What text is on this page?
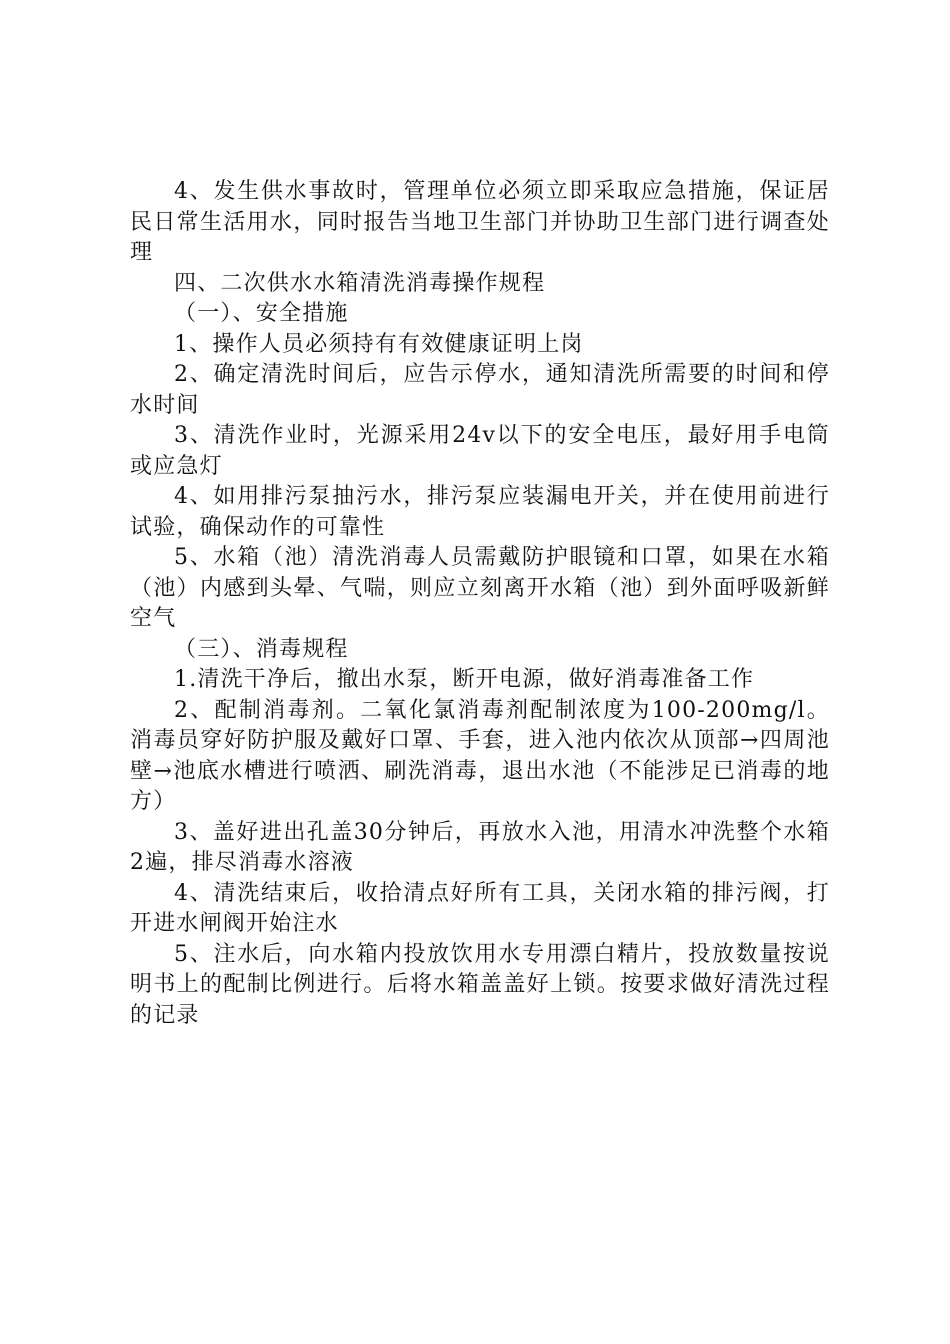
4、发生供水事故时，管理单位必须立即采取应急措施，保证居民日常生活用水，同时报告当地卫生部门并协助卫生部门进行调查处理

四、二次供水水箱清洗消毒操作规程

（一）、安全措施

1、操作人员必须持有有效健康证明上岗

2、确定清洗时间后，应告示停水，通知清洗所需要的时间和停水时间

3、清洗作业时，光源采用24v以下的安全电压，最好用手电筒或应急灯

4、如用排污泵抽污水，排污泵应装漏电开关，并在使用前进行试验，确保动作的可靠性

5、水箱（池）清洗消毒人员需戴防护眼镜和口罩，如果在水箱（池）内感到头晕、气喘，则应立刻离开水箱（池）到外面呼吸新鲜空气

（三）、消毒规程

1.清洗干净后，撤出水泵，断开电源，做好消毒准备工作

2、配制消毒剂。二氧化氯消毒剂配制浓度为100-200mg/l。消毒员穿好防护服及戴好口罩、手套，进入池内依次从顶部→四周池壁→池底水槽进行喷洒、刷洗消毒，退出水池（不能涉足已消毒的地方）

3、盖好进出孔盖30分钟后，再放水入池，用清水冲洗整个水箱2遍，排尽消毒水溶液

4、清洗结束后，收拾清点好所有工具，关闭水箱的排污阀，打开进水闸阀开始注水

5、注水后，向水箱内投放饮用水专用漂白精片，投放数量按说明书上的配制比例进行。后将水箱盖盖好上锁。按要求做好清洗过程的记录
